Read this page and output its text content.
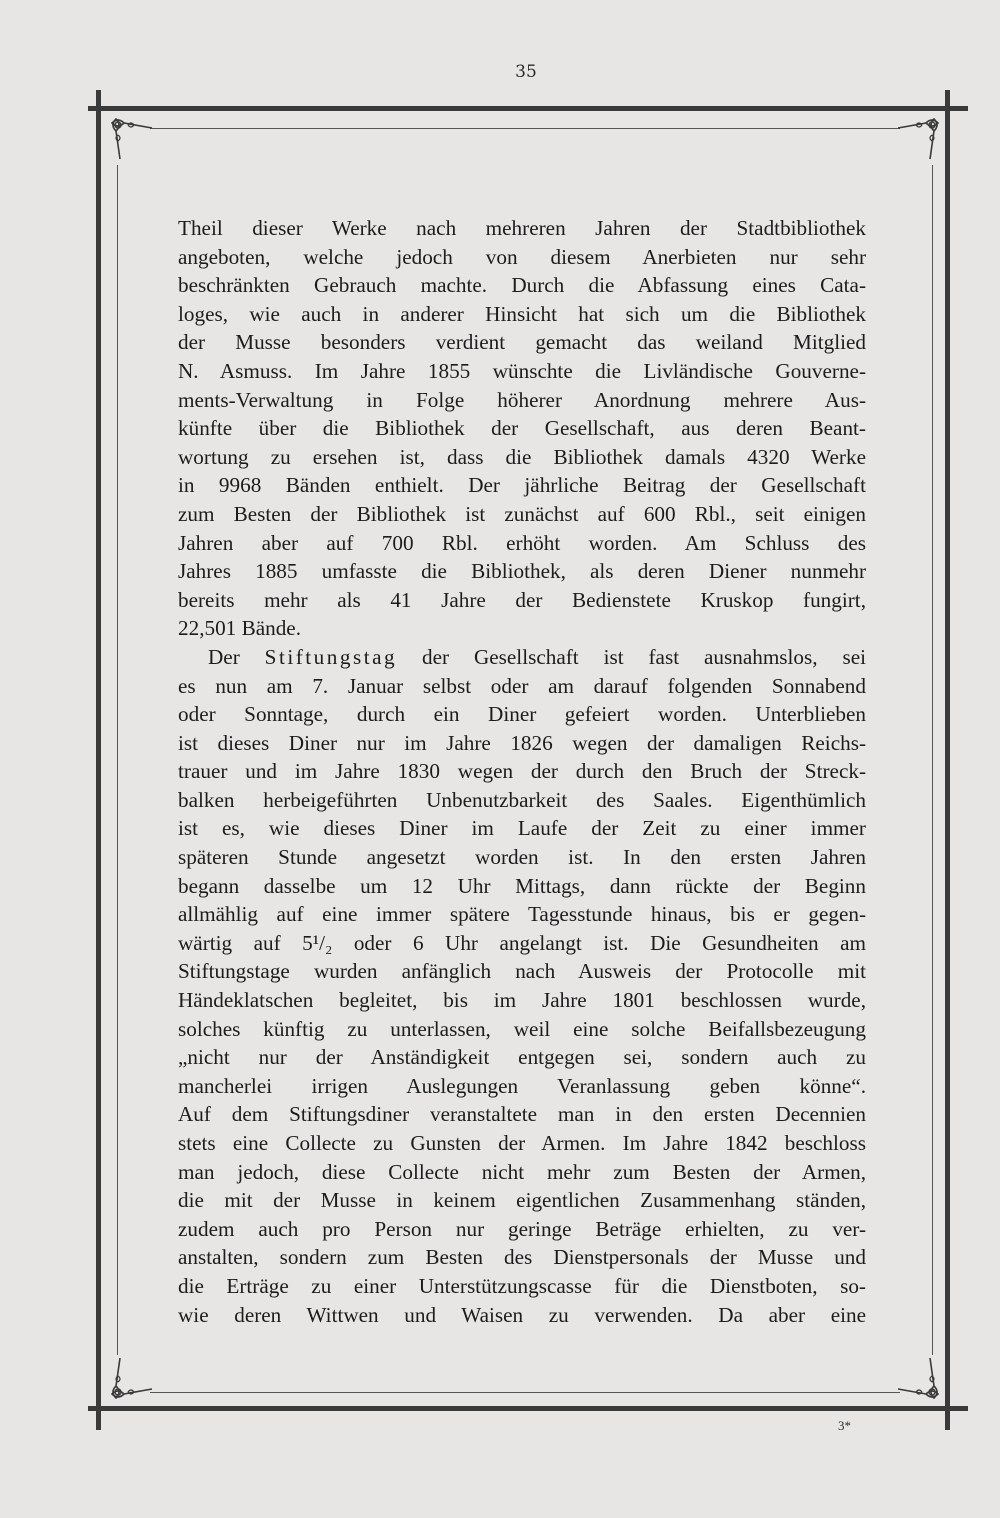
35
Theil dieser Werke nach mehreren Jahren der Stadtbibliothek
angeboten, welche jedoch von diesem Anerbieten nur sehr
beschränkten Gebrauch machte. Durch die Abfassung eines Cata-
loges, wie auch in anderer Hinsicht hat sich um die Bibliothek
der Musse besonders verdient gemacht das weiland Mitglied
N. Asmuss. Im Jahre 1855 wünschte die Livländische Gouverne-
ments-Verwaltung in Folge höherer Anordnung mehrere Aus-
künfte über die Bibliothek der Gesellschaft, aus deren Beant-
wortung zu ersehen ist, dass die Bibliothek damals 4320 Werke
in 9968 Bänden enthielt. Der jährliche Beitrag der Gesellschaft
zum Besten der Bibliothek ist zunächst auf 600 Rbl., seit einigen
Jahren aber auf 700 Rbl. erhöht worden. Am Schluss des
Jahres 1885 umfasste die Bibliothek, als deren Diener nunmehr
bereits mehr als 41 Jahre der Bedienstete Kruskop fungirt,
22,501 Bände.
Der Stiftungstag der Gesellschaft ist fast ausnahmslos, sei
es nun am 7. Januar selbst oder am darauf folgenden Sonnabend
oder Sonntage, durch ein Diner gefeiert worden. Unterblieben
ist dieses Diner nur im Jahre 1826 wegen der damaligen Reichs-
trauer und im Jahre 1830 wegen der durch den Bruch der Streck-
balken herbeigeführten Unbenutzbarkeit des Saales. Eigenthümlich
ist es, wie dieses Diner im Laufe der Zeit zu einer immer
späteren Stunde angesetzt worden ist. In den ersten Jahren
begann dasselbe um 12 Uhr Mittags, dann rückte der Beginn
allmählig auf eine immer spätere Tagesstunde hinaus, bis er gegen-
wärtig auf 5¹/₂ oder 6 Uhr angelangt ist. Die Gesundheiten am
Stiftungstage wurden anfänglich nach Ausweis der Protocolle mit
Händeklatschen begleitet, bis im Jahre 1801 beschlossen wurde,
solches künftig zu unterlassen, weil eine solche Beifallsbezeugung
„nicht nur der Anständigkeit entgegen sei, sondern auch zu
mancherlei irrigen Auslegungen Veranlassung geben könne“.
Auf dem Stiftungsdiner veranstaltete man in den ersten Decennien
stets eine Collecte zu Gunsten der Armen. Im Jahre 1842 beschloss
man jedoch, diese Collecte nicht mehr zum Besten der Armen,
die mit der Musse in keinem eigentlichen Zusammenhang ständen,
zudem auch pro Person nur geringe Beträge erhielten, zu ver-
anstalten, sondern zum Besten des Dienstpersonals der Musse und
die Erträge zu einer Unterstützungscasse für die Dienstboten, so-
wie deren Wittwen und Waisen zu verwenden. Da aber eine
3*
